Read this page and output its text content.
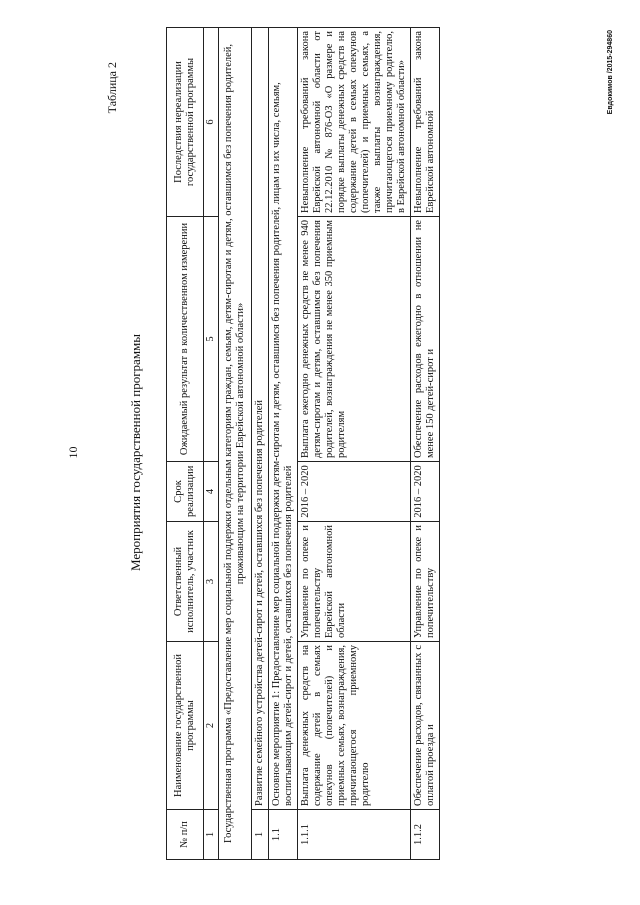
10
Таблица 2
Мероприятия государственной программы
№ п/п	Наименование государственной программы	Ответственный исполнитель, участник	Срок реализации	Ожидаемый результат в количественном измерении	Последствия нереализации государственной программы
1	2	3	4	5	6
Государственная программа «Предоставление мер социальной поддержки отдельным категориям граждан, семьям, детям-сиротам и детям, оставшимся без попечения родителей, проживающим на территории Еврейской автономной области»					
1	Развитие семейного устройства детей-сирот и детей, оставшихся без попечения родителей				
1.1	Основное мероприятие 1: Предоставление мер социальной поддержки детям-сиротам и детям, оставшимся без попечения родителей, лицам из их числа, семьям, воспитывающим детей-сирот и детей, оставшихся без попечения родителей				
1.1.1	Выплата денежных средств на содержание детей в семьях опекунов (попечителей) и приемных семьях, вознаграждения, причитающегося приемному родителю	Управление по опеке и попечительству Еврейской автономной области	2016 – 2020	Выплата ежегодно денежных средств не менее 940 детям-сиротам и детям, оставшимся без попечения родителей, вознаграждения не менее 350 приемным родителям	Невыполнение требований закона Еврейской автономной области от 22.12.2010 № 876-ОЗ «О размере и порядке выплаты денежных средств на содержание детей в семьях опекунов (попечителей) и приемных семьях, а также выплаты вознаграждения, причитающегося приемному родителю, в Еврейской автономной области»
1.1.2	Обеспечение расходов, связанных с оплатой проезда и	Управление по опеке и попечительству	2016 – 2020	Обеспечение расходов ежегодно в отношении не менее 150 детей-сирот и	Невыполнение требований закона Еврейской автономной
Евдокимов /2015-294860
